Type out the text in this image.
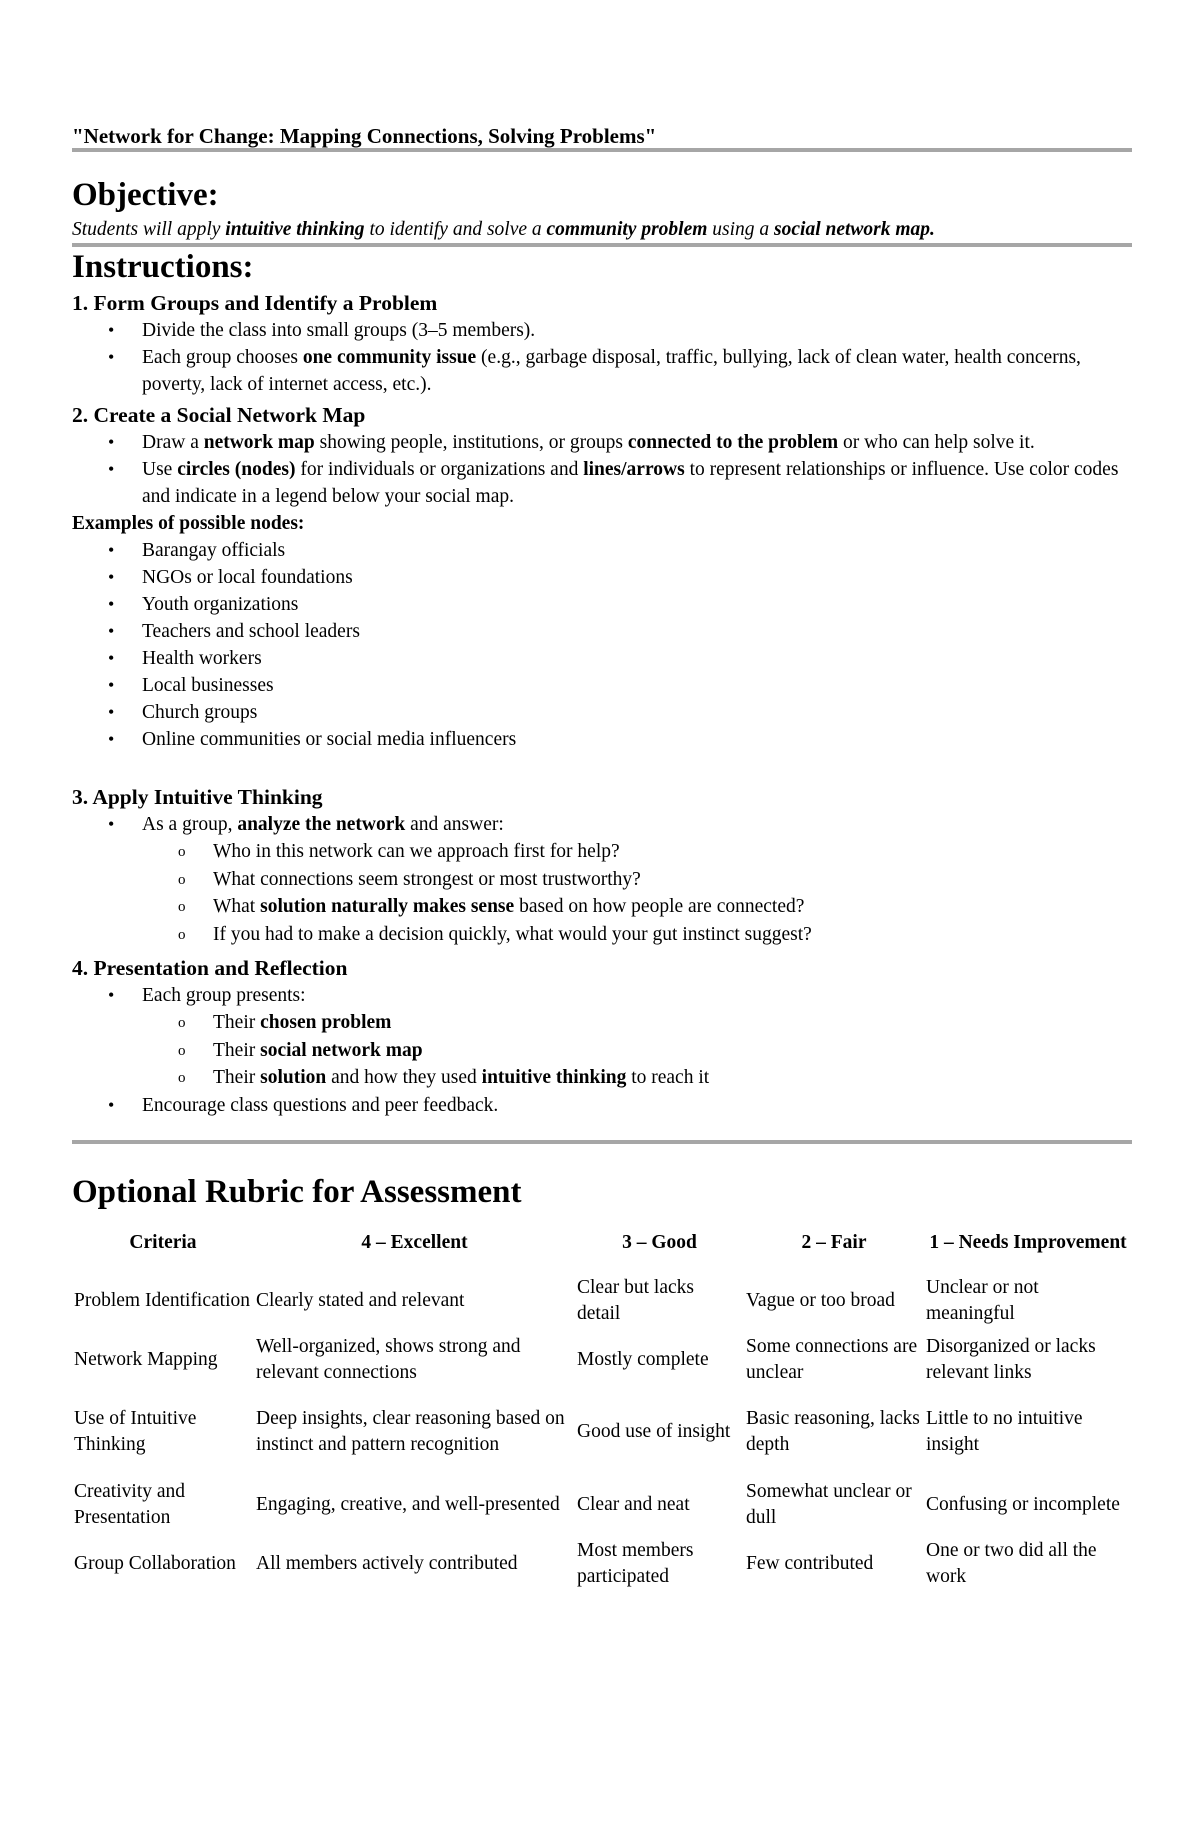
"Network for Change: Mapping Connections, Solving Problems"
Objective:
Students will apply intuitive thinking to identify and solve a community problem using a social network map.
Instructions:
1. Form Groups and Identify a Problem
• Divide the class into small groups (3–5 members).
• Each group chooses one community issue (e.g., garbage disposal, traffic, bullying, lack of clean water, health concerns, poverty, lack of internet access, etc.).
2. Create a Social Network Map
• Draw a network map showing people, institutions, or groups connected to the problem or who can help solve it.
• Use circles (nodes) for individuals or organizations and lines/arrows to represent relationships or influence. Use color codes and indicate in a legend below your social map.
Examples of possible nodes:
• Barangay officials
• NGOs or local foundations
• Youth organizations
• Teachers and school leaders
• Health workers
• Local businesses
• Church groups
• Online communities or social media influencers
3. Apply Intuitive Thinking
• As a group, analyze the network and answer:
o Who in this network can we approach first for help?
o What connections seem strongest or most trustworthy?
o What solution naturally makes sense based on how people are connected?
o If you had to make a decision quickly, what would your gut instinct suggest?
4. Presentation and Reflection
• Each group presents:
o Their chosen problem
o Their social network map
o Their solution and how they used intuitive thinking to reach it
• Encourage class questions and peer feedback.
Optional Rubric for Assessment
Criteria	4 – Excellent	3 – Good	2 – Fair	1 – Needs Improvement
Problem Identification	Clearly stated and relevant	Clear but lacks detail	Vague or too broad	Unclear or not meaningful
Network Mapping	Well-organized, shows strong and relevant connections	Mostly complete	Some connections are unclear	Disorganized or lacks relevant links
Use of Intuitive Thinking	Deep insights, clear reasoning based on instinct and pattern recognition	Good use of insight	Basic reasoning, lacks depth	Little to no intuitive insight
Creativity and Presentation	Engaging, creative, and well-presented	Clear and neat	Somewhat unclear or dull	Confusing or incomplete
Group Collaboration	All members actively contributed	Most members participated	Few contributed	One or two did all the work
